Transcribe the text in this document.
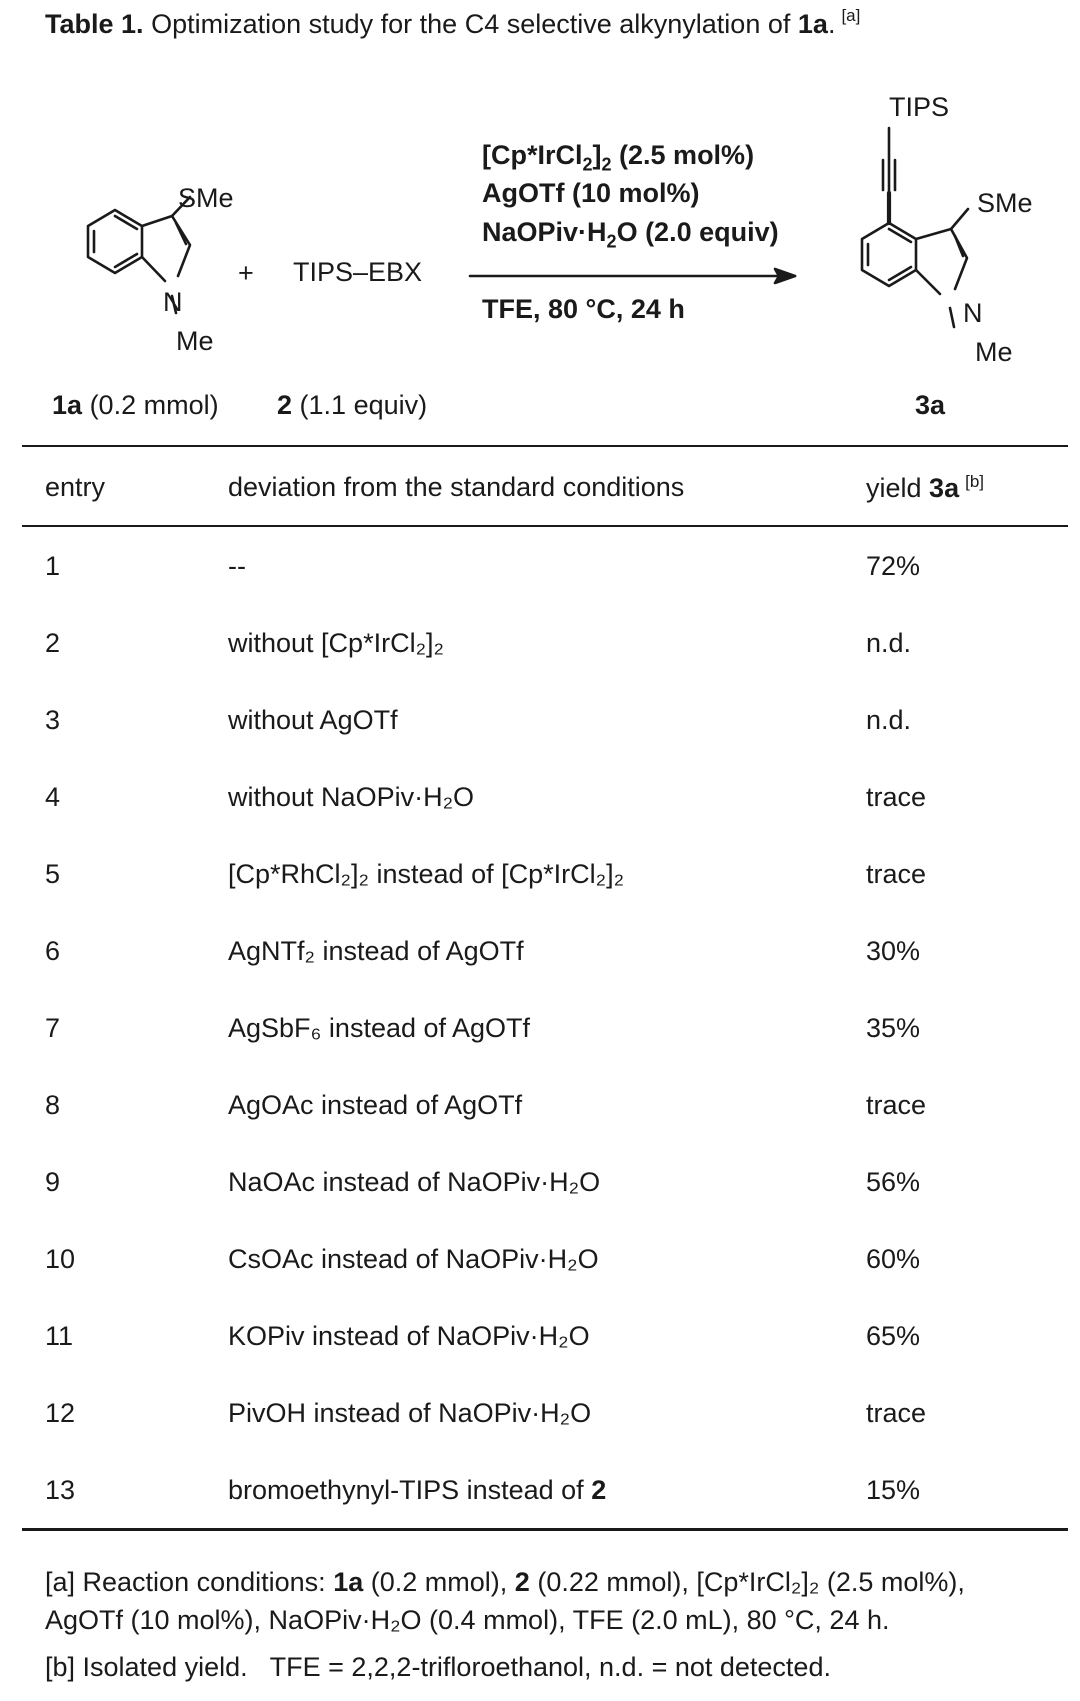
Table 1. Optimization study for the C4 selective alkynylation of 1a. [a]
SMe
N
Me
+ TIPS–EBX
$[Cp*IrCl_2]_2$ (2.5 mol%)
AgOTf (10 mol%)
$NaOPiv\cdot H_2O$ (2.0 equiv)
TFE, 80 °C, 24 h
TIPS
SMe
N
Me
1a (0.2 mmol) 2 (1.1 equiv)	3a
entry	deviation from the standard conditions	yield 3a [b]
1	--	72%
2	without [Cp*IrCl₂]₂	n.d.
3	without AgOTf	n.d.
4	without NaOPiv·H₂O	trace
5	[Cp*RhCl₂]₂ instead of [Cp*IrCl₂]₂	trace
6	AgNTf₂ instead of AgOTf	30%
7	AgSbF₆ instead of AgOTf	35%
8	AgOAc instead of AgOTf	trace
9	NaOAc instead of NaOPiv·H₂O	56%
10	CsOAc instead of NaOPiv·H₂O	60%
11	KOPiv instead of NaOPiv·H₂O	65%
12	PivOH instead of NaOPiv·H₂O	trace
13	bromoethynyl-TIPS instead of 2	15%
[a] Reaction conditions: 1a (0.2 mmol), 2 (0.22 mmol), [Cp*IrCl₂]₂ (2.5 mol%),
AgOTf (10 mol%), NaOPiv·H₂O (0.4 mmol), TFE (2.0 mL), 80 °C, 24 h.
[b] Isolated yield.   TFE = 2,2,2-trifloroethanol, n.d. = not detected.
